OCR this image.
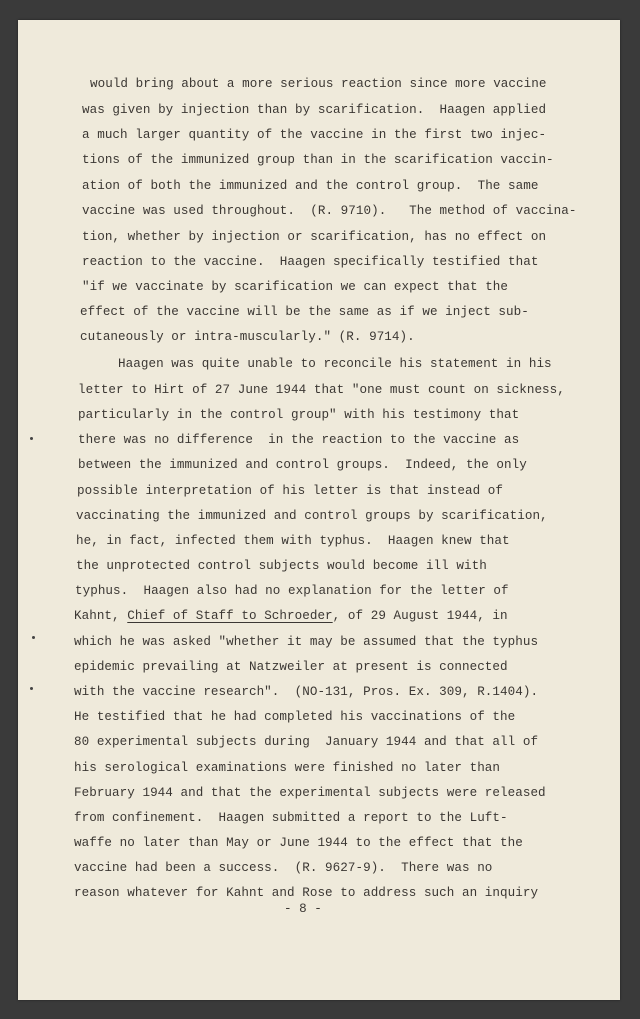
would bring about a more serious reaction since more vaccine
was given by injection than by scarification.  Haagen applied
a much larger quantity of the vaccine in the first two injec-
tions of the immunized group than in the scarification vaccin-
ation of both the immunized and the control group.  The same
vaccine was used throughout.  (R. 9710).   The method of vaccina-
tion, whether by injection or scarification, has no effect on
reaction to the vaccine.  Haagen specifically testified that
"if we vaccinate by scarification we can expect that the
effect of the vaccine will be the same as if we inject sub-
cutaneously or intra-muscularly." (R. 9714).
Haagen was quite unable to reconcile his statement in his
letter to Hirt of 27 June 1944 that "one must count on sickness,
particularly in the control group" with his testimony that
there was no difference  in the reaction to the vaccine as
between the immunized and control groups.  Indeed, the only
possible interpretation of his letter is that instead of
vaccinating the immunized and control groups by scarification,
he, in fact, infected them with typhus.  Haagen knew that
the unprotected control subjects would become ill with
typhus.  Haagen also had no explanation for the letter of
Kahnt, Chief of Staff to Schroeder, of 29 August 1944, in
which he was asked "whether it may be assumed that the typhus
epidemic prevailing at Natzweiler at present is connected
with the vaccine research".  (NO-131, Pros. Ex. 309, R.1404).
He testified that he had completed his vaccinations of the
80 experimental subjects during  January 1944 and that all of
his serological examinations were finished no later than
February 1944 and that the experimental subjects were released
from confinement.  Haagen submitted a report to the Luft-
waffe no later than May or June 1944 to the effect that the
vaccine had been a success.  (R. 9627-9).  There was no
reason whatever for Kahnt and Rose to address such an inquiry
- 8 -
